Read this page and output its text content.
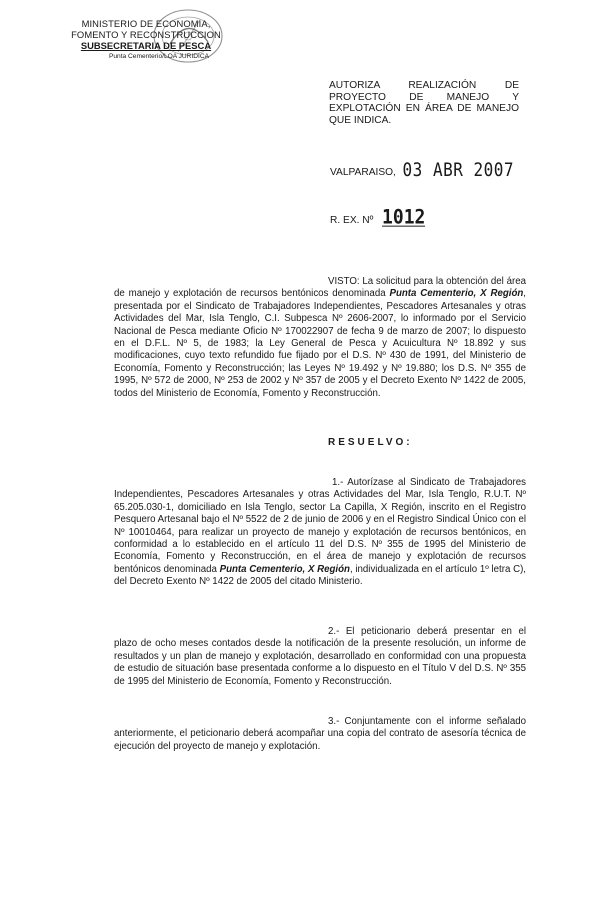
MINISTERIO DE ECONOMIA,
FOMENTO Y RECONSTRUCCION
SUBSECRETARIA DE PESCA
Punta Cementerio/LOA JURIDICA
AUTORIZA REALIZACIÓN DE PROYECTO DE MANEJO Y EXPLOTACIÓN EN ÁREA DE MANEJO QUE INDICA.
VALPARAISO, 03 ABR 2007
R. EX. Nº 1012
VISTO: La solicitud para la obtención del área de manejo y explotación de recursos bentónicos denominada Punta Cementerio, X Región, presentada por el Sindicato de Trabajadores Independientes, Pescadores Artesanales y otras Actividades del Mar, Isla Tenglo, C.I. Subpesca Nº 2606-2007, lo informado por el Servicio Nacional de Pesca mediante Oficio Nº 170022907 de fecha 9 de marzo de 2007; lo dispuesto en el D.F.L. Nº 5, de 1983; la Ley General de Pesca y Acuicultura Nº 18.892 y sus modificaciones, cuyo texto refundido fue fijado por el D.S. Nº 430 de 1991, del Ministerio de Economía, Fomento y Reconstrucción; las Leyes Nº 19.492 y Nº 19.880; los D.S. Nº 355 de 1995, Nº 572 de 2000, Nº 253 de 2002 y Nº 357 de 2005 y el Decreto Exento Nº 1422 de 2005, todos del Ministerio de Economía, Fomento y Reconstrucción.
RESUELVO:
1.- Autorízase al Sindicato de Trabajadores Independientes, Pescadores Artesanales y otras Actividades del Mar, Isla Tenglo, R.U.T. Nº 65.205.030-1, domiciliado en Isla Tenglo, sector La Capilla, X Región, inscrito en el Registro Pesquero Artesanal bajo el Nº 5522 de 2 de junio de 2006 y en el Registro Sindical Único con el Nº 10010464, para realizar un proyecto de manejo y explotación de recursos bentónicos, en conformidad a lo establecido en el artículo 11 del D.S. Nº 355 de 1995 del Ministerio de Economía, Fomento y Reconstrucción, en el área de manejo y explotación de recursos bentónicos denominada Punta Cementerio, X Región, individualizada en el artículo 1º letra C), del Decreto Exento Nº 1422 de 2005 del citado Ministerio.
2.- El peticionario deberá presentar en el plazo de ocho meses contados desde la notificación de la presente resolución, un informe de resultados y un plan de manejo y explotación, desarrollado en conformidad con una propuesta de estudio de situación base presentada conforme a lo dispuesto en el Título V del D.S. Nº 355 de 1995 del Ministerio de Economía, Fomento y Reconstrucción.
3.- Conjuntamente con el informe señalado anteriormente, el peticionario deberá acompañar una copia del contrato de asesoría técnica de ejecución del proyecto de manejo y explotación.
